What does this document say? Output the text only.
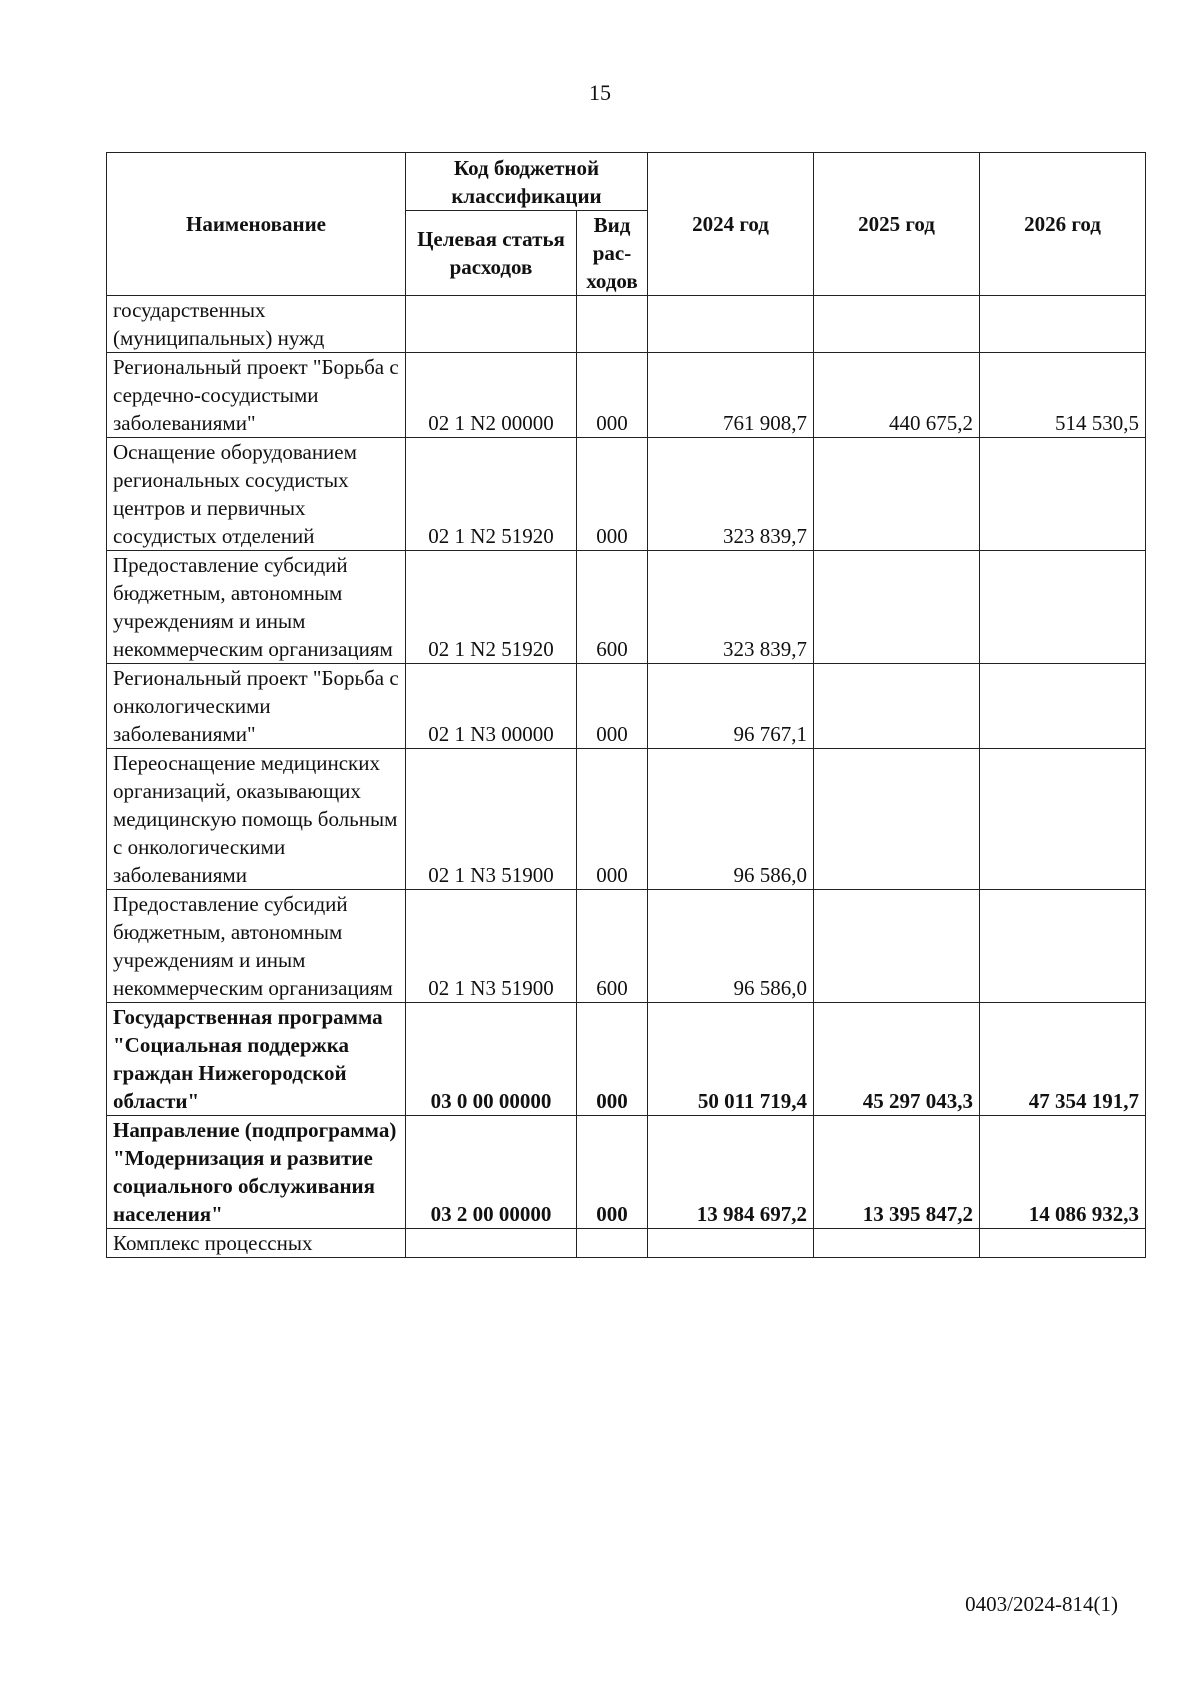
15
Наименование	Код бюджетной классификации		2024 год	2025 год	2026 год
	Целевая статья расходов	Вид рас-ходов			
государственных (муниципальных) нужд					
Региональный проект "Борьба с сердечно-сосудистыми заболеваниями"	02 1 N2 00000	000	761 908,7	440 675,2	514 530,5
Оснащение оборудованием региональных сосудистых центров и первичных сосудистых отделений	02 1 N2 51920	000	323 839,7		
Предоставление субсидий бюджетным, автономным учреждениям и иным некоммерческим организациям	02 1 N2 51920	600	323 839,7		
Региональный проект "Борьба с онкологическими заболеваниями"	02 1 N3 00000	000	96 767,1		
Переоснащение медицинских организаций, оказывающих медицинскую помощь больным с онкологическими заболеваниями	02 1 N3 51900	000	96 586,0		
Предоставление субсидий бюджетным, автономным учреждениям и иным некоммерческим организациям	02 1 N3 51900	600	96 586,0		
Государственная программа "Социальная поддержка граждан Нижегородской области"	03 0 00 00000	000	50 011 719,4	45 297 043,3	47 354 191,7
Направление (подпрограмма) "Модернизация и развитие социального обслуживания населения"	03 2 00 00000	000	13 984 697,2	13 395 847,2	14 086 932,3
Комплекс процессных					
0403/2024-814(1)
